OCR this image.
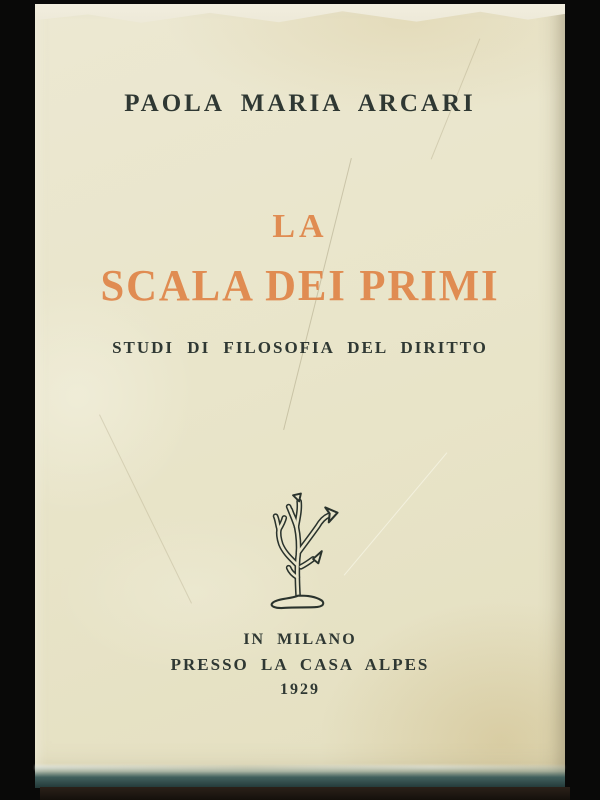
PAOLA MARIA ARCARI
LA
SCALA DEI PRIMI
STUDI DI FILOSOFIA DEL DIRITTO
IN MILANO
PRESSO LA CASA ALPES
1929
